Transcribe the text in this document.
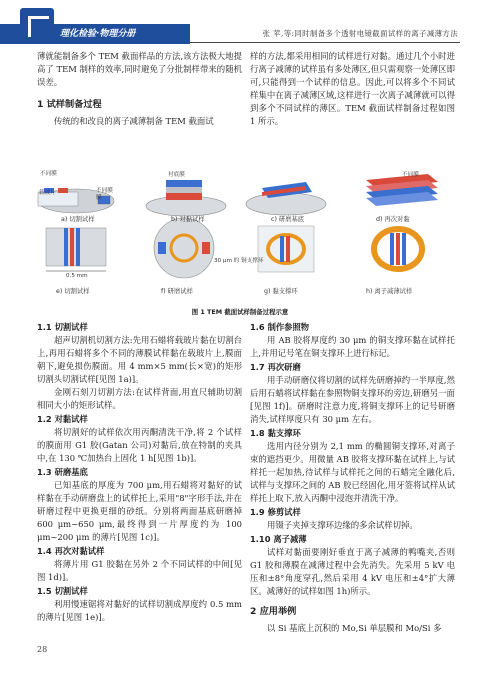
理化检验·物理分册	张 苹,等:同时制备多个透射电镜截面试样的离子减薄方法

薄就能制备多个 TEM 截面样品的方法,该方法极大地提高了 TEM 制样的效率,同时避免了分批制样带来的随机误差。

1 试样制备过程

传统的和改良的离子减薄制备 TEM 截面试

样的方法,都采用相同的试样进行对黏。通过几个小时进行离子减薄的试样虽有多处薄区,但只需观察一处薄区即可,只能得到一个试样的信息。因此,可以将多个不同试样集中在离子减薄区域,这样进行一次离子减薄就可以得到多个不同试样的薄区。TEM 截面试样制备过程如图 1 所示。

不同膜
载玻片	不同膜
膜
衬底膜	不同膜
0.5 mm
30 μm 的 铜支撑环
a) 切割试样	b) 对黏试样	c) 研磨基底	d) 再次对黏
e) 切割试样	f) 研磨试样	g) 黏支撑环	h) 离子减薄试样
图 1 TEM 截面试样制备过程示意
1.1 切割试样

超声切割机切割方法:先用石蜡将载玻片黏在切割台上,再用石蜡将多个不同的薄膜试样黏在载玻片上,膜面朝下,避免损伤膜面。用 4 mm×5 mm(长×宽)的矩形切割头切割试样[见图 1a)]。

金刚石刻刀切割方法:在试样背面,用直尺辅助切割相同大小的矩形试样。

1.2 对黏试样

将切割好的试样依次用丙酮清洗干净,将 2 个试样的膜面用 G1 胶(Gatan 公司)对黏后,放在特制的夹具中,在 130 ℃加热台上固化 1 h[见图 1b)]。

1.3 研磨基底

已知基底的厚度为 700 μm,用石蜡将对黏好的试样黏在手动研磨盘上的试样托上,采用"8"字形手法,并在研磨过程中更换更细的砂纸。分别将两面基底研磨掉 600 μm~650 μm,最终得到一片厚度约为 100 μm~200 μm 的薄片[见图 1c)]。

1.4 再次对黏试样

将薄片用 G1 胶黏在另外 2 个不同试样的中间[见图 1d)]。

1.5 切割试样

利用慢速锯将对黏好的试样切割成厚度约 0.5 mm 的薄片[见图 1e)]。

1.6 制作参照物

用 AB 胶将厚度约 30 μm 的铜支撑环黏在试样托上,并用记号笔在铜支撑环上进行标记。

1.7 再次研磨

用手动研磨仪将切割的试样先研磨掉约一半厚度,然后用石蜡将试样黏在参照物铜支撑环的旁边,研磨另一面[见图 1f)]。研磨时注意力度,将铜支撑环上的记号研磨消失,试样厚度只有 30 μm 左右。

1.8 黏支撑环

选用内径分别为 2,1 mm 的椭圆铜支撑环,对离子束的遮挡更少。用微量 AB 胶将支撑环黏在试样上,与试样托一起加热,待试样与试样托之间的石蜡完全融化后,试样与支撑环之间的 AB 胶已经固化,用牙签将试样从试样托上取下,放入丙酮中浸泡并清洗干净。

1.9 修剪试样

用镊子夹掉支撑环边缘的多余试样切掉。

1.10 离子减薄

试样对黏面要刚好垂直于离子减薄的鸭嘴夹,否则 G1 胶和薄膜在减薄过程中会先消失。先采用 5 kV 电压和±8°角度穿孔,然后采用 4 kV 电压和±4°扩大薄区。减薄好的试样如图 1h)所示。

2 应用举例

以 Si 基底上沉积的 Mo,Si 单层膜和 Mo/Si 多

28
